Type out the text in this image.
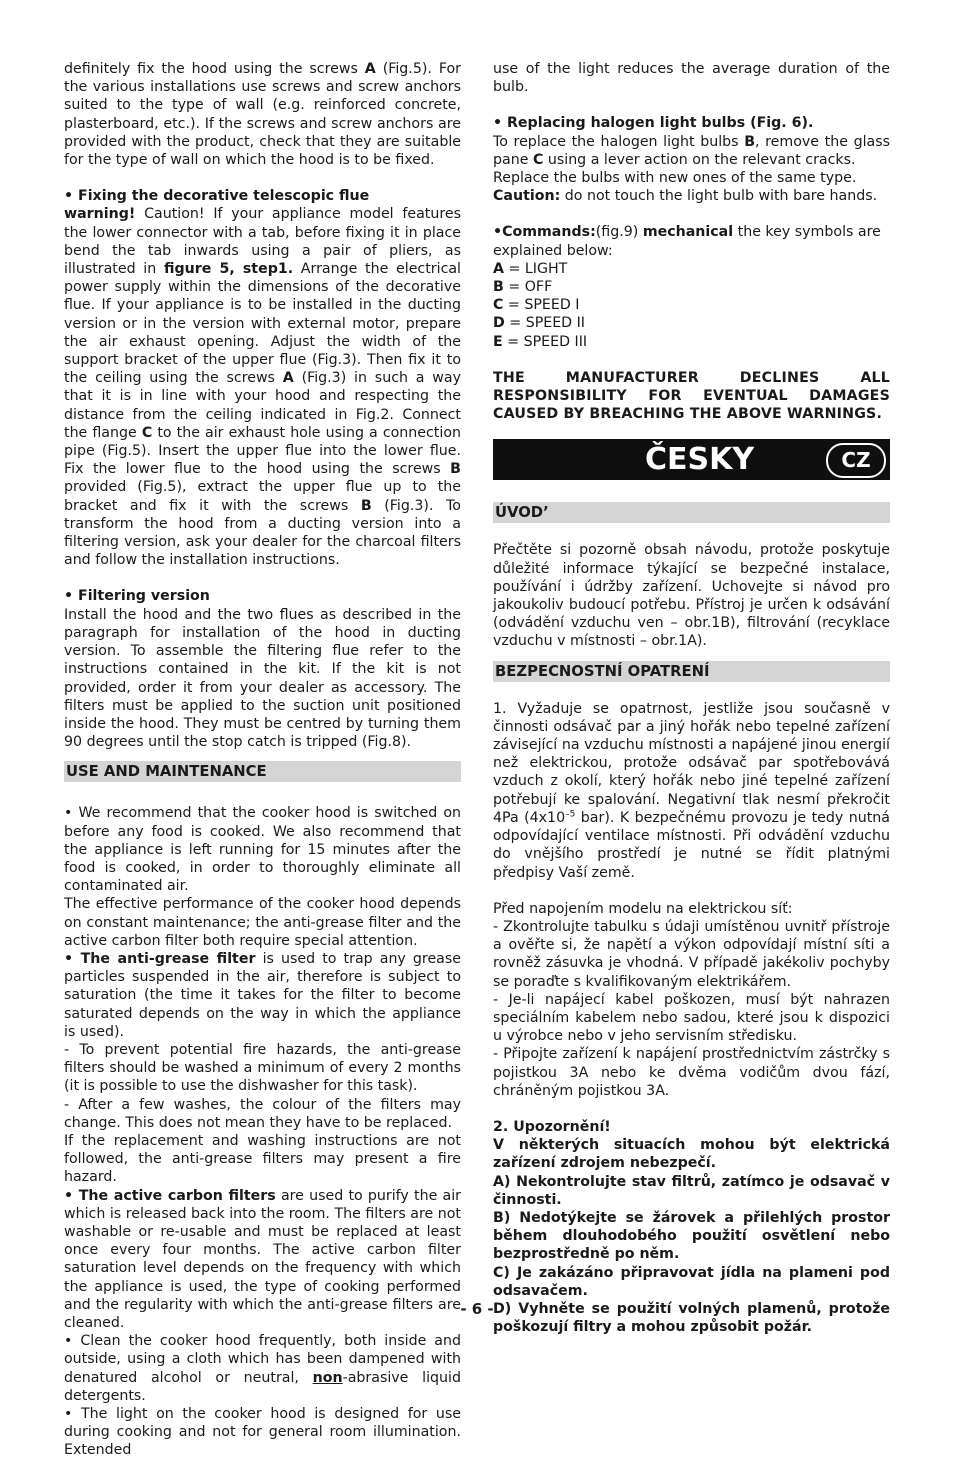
definitely fix the hood using the screws A (Fig.5). For the various installations use screws and screw anchors suited to the type of wall (e.g. reinforced concrete, plasterboard, etc.). If the screws and screw anchors are provided with the product, check that they are suitable for the type of wall on which the hood is to be fixed.

• Fixing the decorative telescopic flue

warning! Caution! If your appliance model features the lower connector with a tab, before fixing it in place bend the tab inwards using a pair of pliers, as illustrated in figure 5, step1. Arrange the electrical power supply within the dimensions of the decorative flue. If your appliance is to be installed in the ducting version or in the version with external motor, prepare the air exhaust opening. Adjust the width of the support bracket of the upper flue (Fig.3). Then fix it to the ceiling using the screws A (Fig.3) in such a way that it is in line with your hood and respecting the distance from the ceiling indicated in Fig.2. Connect the flange C to the air exhaust hole using a connection pipe (Fig.5). Insert the upper flue into the lower flue. Fix the lower flue to the hood using the screws B provided (Fig.5), extract the upper flue up to the bracket and fix it with the screws B (Fig.3). To transform the hood from a ducting version into a filtering version, ask your dealer for the charcoal filters and follow the installation instructions.

• Filtering version

Install the hood and the two flues as described in the paragraph for installation of the hood in ducting version. To assemble the filtering flue refer to the instructions contained in the kit. If the kit is not provided, order it from your dealer as accessory. The filters must be applied to the suction unit positioned inside the hood. They must be centred by turning them 90 degrees until the stop catch is tripped (Fig.8).

USE AND MAINTENANCE

• We recommend that the cooker hood is switched on before any food is cooked. We also recommend that the appliance is left running for 15 minutes after the food is cooked, in order to thoroughly eliminate all contaminated air.

The effective performance of the cooker hood depends on constant maintenance; the anti-grease filter and the active carbon filter both require special attention.

• The anti-grease filter is used to trap any grease particles suspended in the air, therefore is subject to saturation (the time it takes for the filter to become saturated depends on the way in which the appliance is used).

- To prevent potential fire hazards, the anti-grease filters should be washed a minimum of every 2 months (it is possible to use the dishwasher for this task).

- After a few washes, the colour of the filters may change. This does not mean they have to be replaced.

If the replacement and washing instructions are not followed, the anti-grease filters may present a fire hazard.

• The active carbon filters are used to purify the air which is released back into the room. The filters are not washable or re-usable and must be replaced at least once every four months. The active carbon filter saturation level depends on the frequency with which the appliance is used, the type of cooking performed and the regularity with which the anti-grease filters are cleaned.

• Clean the cooker hood frequently, both inside and outside, using a cloth which has been dampened with denatured alcohol or neutral, non-abrasive liquid detergents.

• The light on the cooker hood is designed for use during cooking and not for general room illumination. Extended

use of the light reduces the average duration of the bulb.

• Replacing halogen light bulbs (Fig. 6).

To replace the halogen light bulbs B, remove the glass pane C using a lever action on the relevant cracks.

Replace the bulbs with new ones of the same type.

Caution: do not touch the light bulb with bare hands.

•Commands:(fig.9) mechanical the key symbols are explained below:

A = LIGHT

B = OFF

C = SPEED I

D = SPEED II

E = SPEED III

THE MANUFACTURER DECLINES ALL RESPONSIBILITY FOR EVENTUAL DAMAGES CAUSED BY BREACHING THE ABOVE WARNINGS.

ČESKY	CZ
ÚVOD’

Přečtěte si pozorně obsah návodu, protože poskytuje důležité informace týkající se bezpečné instalace, používání i údržby zařízení. Uchovejte si návod pro jakoukoliv budoucí potřebu. Přístroj je určen k odsávání (odvádění vzduchu ven – obr.1B), filtrování (recyklace vzduchu v místnosti – obr.1A).

BEZPECNOSTNÍ OPATRENÍ

1. Vyžaduje se opatrnost, jestliže jsou současně v činnosti odsávač par a jiný hořák nebo tepelné zařízení závisející na vzduchu místnosti a napájené jinou energií než elektrickou, protože odsávač par spotřebovává vzduch z okolí, který hořák nebo jiné tepelné zařízení potřebují ke spalování. Negativní tlak nesmí překročit 4Pa ($4x10^{-5}$ bar). K bezpečnému provozu je tedy nutná odpovídající ventilace místnosti. Při odvádění vzduchu do vnějšího prostředí je nutné se řídit platnými předpisy Vaší země.

Před napojením modelu na elektrickou síť:

- Zkontrolujte tabulku s údaji umístěnou uvnitř přístroje a ověřte si, že napětí a výkon odpovídají místní síti a rovněž zásuvka je vhodná. V případě jakékoliv pochyby se poraďte s kvalifikovaným elektrikářem.

- Je-li napájecí kabel poškozen, musí být nahrazen speciálním kabelem nebo sadou, které jsou k dispozici u výrobce nebo v jeho servisním středisku.

- Připojte zařízení k napájení prostřednictvím zástrčky s pojistkou 3A nebo ke dvěma vodičům dvou fází, chráněným pojistkou 3A.

2. Upozornění!

V některých situacích mohou být elektrická zařízení zdrojem nebezpečí.

A) Nekontrolujte stav filtrů, zatímco je odsavač v činnosti.

B) Nedotýkejte se žárovek a přilehlých prostor během dlouhodobého použití osvětlení nebo bezprostředně po něm.

C) Je zakázáno připravovat jídla na plameni pod odsavačem.

D) Vyhněte se použití volných plamenů, protože poškozují filtry a mohou způsobit požár.

- 6 -
